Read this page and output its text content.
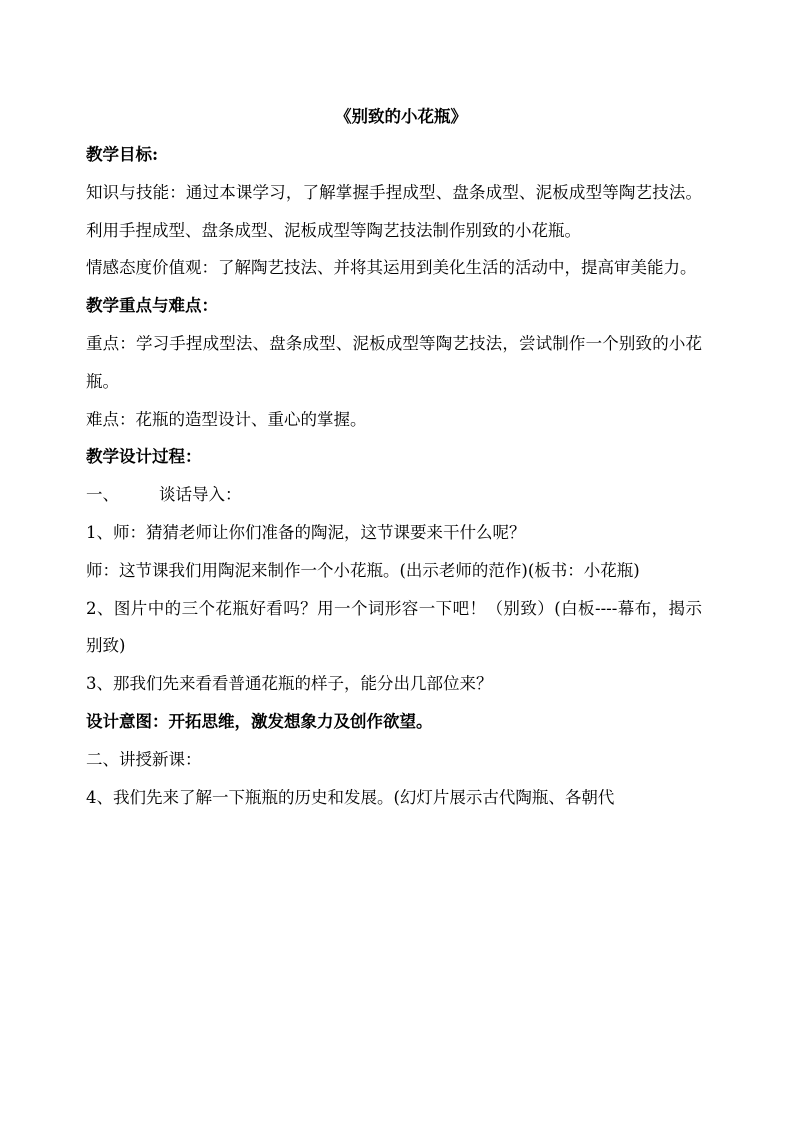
《别致的小花瓶》

教学目标:

知识与技能：通过本课学习，了解掌握手捏成型、盘条成型、泥板成型等陶艺技法。利用手捏成型、盘条成型、泥板成型等陶艺技法制作别致的小花瓶。

情感态度价值观：了解陶艺技法、并将其运用到美化生活的活动中，提高审美能力。

教学重点与难点：

重点：学习手捏成型法、盘条成型、泥板成型等陶艺技法，尝试制作一个别致的小花瓶。

难点：花瓶的造型设计、重心的掌握。

教学设计过程：

一、 谈话导入：

1、师：猜猜老师让你们准备的陶泥，这节课要来干什么呢？

师：这节课我们用陶泥来制作一个小花瓶。(出示老师的范作)(板书：小花瓶)

2、图片中的三个花瓶好看吗？用一个词形容一下吧！（别致）(白板----幕布，揭示别致)

3、那我们先来看看普通花瓶的样子，能分出几部位来？

设计意图：开拓思维，激发想象力及创作欲望。

二、讲授新课：

4、我们先来了解一下瓶瓶的历史和发展。(幻灯片展示古代陶瓶、各朝代
